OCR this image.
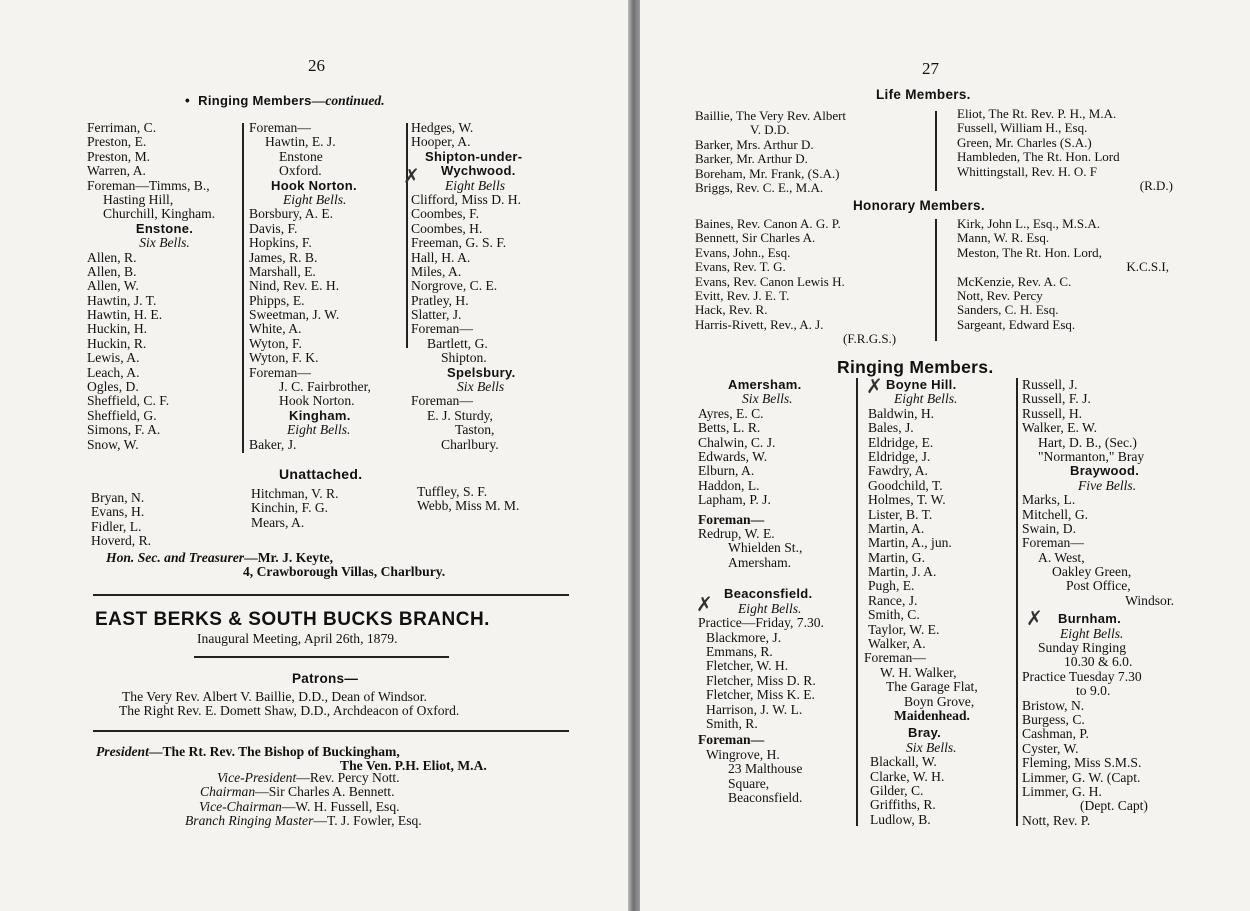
26
•  Ringing Members—continued.
Ferriman, C.
Preston, E.
Preston, M.
Warren, A.
Foreman—Timms, B.,
Hasting Hill,
Churchill, Kingham.
Enstone.
Six Bells.
Allen, R.
Allen, B.
Allen, W.
Hawtin, J. T.
Hawtin, H. E.
Huckin, H.
Huckin, R.
Lewis, A.
Leach, A.
Ogles, D.
Sheffield, C. F.
Sheffield, G.
Simons, F. A.
Snow, W.
Foreman—
Hawtin, E. J.
Enstone
Oxford.
Hook Norton.
Eight Bells.
Borsbury, A. E.
Davis, F.
Hopkins, F.
James, R. B.
Marshall, E.
Nind, Rev. E. H.
Phipps, E.
Sweetman, J. W.
White, A.
Wyton, F.
Wyton, F. K.
Foreman—
J. C. Fairbrother,
Hook Norton.
Kingham.
Eight Bells.
Baker, J.
Hedges, W.
Hooper, A.
Shipton-under-
Wychwood.
Eight Bells
Clifford, Miss D. H.
Coombes, F.
Coombes, H.
Freeman, G. S. F.
Hall, H. A.
Miles, A.
Norgrove, C. E.
Pratley, H.
Slatter, J.
Foreman—
Bartlett, G.
Shipton.
Spelsbury.
Six Bells
Foreman—
E. J. Sturdy,
Taston,
Charlbury.
✗
Unattached.
Bryan, N.
Evans, H.
Fidler, L.
Hoverd, R.
Hitchman, V. R.
Kinchin, F. G.
Mears, A.
Tuffley, S. F.
Webb, Miss M. M.
Hon. Sec. and Treasurer—Mr. J. Keyte,
4, Crawborough Villas, Charlbury.
EAST BERKS & SOUTH BUCKS BRANCH.
Inaugural Meeting, April 26th, 1879.
Patrons—
The Very Rev. Albert V. Baillie, D.D., Dean of Windsor.
The Right Rev. E. Domett Shaw, D.D., Archdeacon of Oxford.
President—The Rt. Rev. The Bishop of Buckingham,
The Ven. P.H. Eliot, M.A.
Vice-President—Rev. Percy Nott.
Chairman—Sir Charles A. Bennett.
Vice-Chairman—W. H. Fussell, Esq.
Branch Ringing Master—T. J. Fowler, Esq.
27
Life Members.
Baillie, The Very Rev. Albert
V. D.D.
Barker, Mrs. Arthur D.
Barker, Mr. Arthur D.
Boreham, Mr. Frank, (S.A.)
Briggs, Rev. C. E., M.A.
Eliot, The Rt. Rev. P. H., M.A.
Fussell, William H., Esq.
Green, Mr. Charles (S.A.)
Hambleden, The Rt. Hon. Lord
Whittingstall, Rev. H. O. F
(R.D.)
Honorary Members.
Baines, Rev. Canon A. G. P.
Bennett, Sir Charles A.
Evans, John., Esq.
Evans, Rev. T. G.
Evans, Rev. Canon Lewis H.
Evitt, Rev. J. E. T.
Hack, Rev. R.
Harris-Rivett, Rev., A. J.
(F.R.G.S.)
Kirk, John L., Esq., M.S.A.
Mann, W. R. Esq.
Meston, The Rt. Hon. Lord,
K.C.S.I,
McKenzie, Rev. A. C.
Nott, Rev. Percy
Sanders, C. H. Esq.
Sargeant, Edward Esq.
Ringing Members.
Amersham.
Six Bells.
Ayres, E. C.
Betts, L. R.
Chalwin, C. J.
Edwards, W.
Elburn, A.
Haddon, L.
Lapham, P. J.
Foreman—
Redrup, W. E.
Whielden St.,
Amersham.
Beaconsfield.
Eight Bells.
Practice—Friday, 7.30.
Blackmore, J.
Emmans, R.
Fletcher, W. H.
Fletcher, Miss D. R.
Fletcher, Miss K. E.
Harrison, J. W. L.
Smith, R.
Foreman—
Wingrove, H.
23 Malthouse
Square,
Beaconsfield.
✗
Boyne Hill.
Eight Bells.
Baldwin, H.
Bales, J.
Eldridge, E.
Eldridge, J.
Fawdry, A.
Goodchild, T.
Holmes, T. W.
Lister, B. T.
Martin, A.
Martin, A., jun.
Martin, G.
Martin, J. A.
Pugh, E.
Rance, J.
Smith, C.
Taylor, W. E.
Walker, A.
Foreman—
W. H. Walker,
The Garage Flat,
Boyn Grove,
Maidenhead.
Bray.
Six Bells.
Blackall, W.
Clarke, W. H.
Gilder, C.
Griffiths, R.
Ludlow, B.
✗	Russell, J.
Russell, F. J.
Russell, H.
Walker, E. W.
Hart, D. B., (Sec.)
"Normanton," Bray
Braywood.
Five Bells.
Marks, L.
Mitchell, G.
Swain, D.
Foreman—
A. West,
Oakley Green,
Post Office,
Windsor.
Burnham.
Eight Bells.
Sunday Ringing
10.30 & 6.0.
Practice Tuesday 7.30
to 9.0.
Bristow, N.
Burgess, C.
Cashman, P.
Cyster, W.
Fleming, Miss S.M.S.
Limmer, G. W. (Capt.
Limmer, G. H.
(Dept. Capt)
Nott, Rev. P.
✗
